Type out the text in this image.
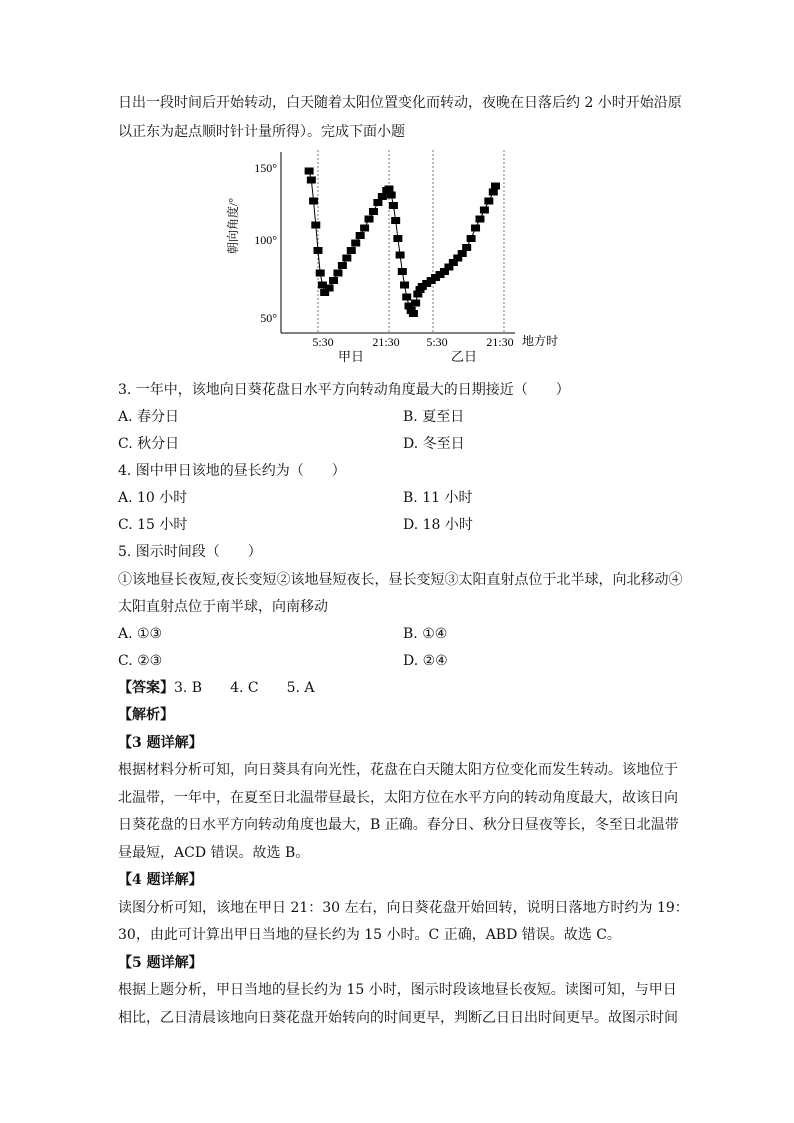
日出一段时间后开始转动，白天随着太阳位置变化而转动，夜晚在日落后约 2 小时开始沿原
以正东为起点顺时针计量所得）。完成下面小题
150°
100°
50°
朝向角度/°
5:30	21:30 5:30	21:30 地方时
甲日	乙日
3. 一年中，该地向日葵花盘日水平方向转动角度最大的日期接近（　　）
A. 春分日	B. 夏至日
C. 秋分日	D. 冬至日
4. 图中甲日该地的昼长约为（　　）
A. 10 小时	B. 11 小时
C. 15 小时	D. 18 小时
5. 图示时间段（　　）
①该地昼长夜短,夜长变短②该地昼短夜长，昼长变短③太阳直射点位于北半球，向北移动④
太阳直射点位于南半球，向南移动
A. ①③	B. ①④
C. ②③	D. ②④
【答案】3. B　　4. C　　5. A
【解析】
【3 题详解】
根据材料分析可知，向日葵具有向光性，花盘在白天随太阳方位变化而发生转动。该地位于
北温带，一年中，在夏至日北温带昼最长，太阳方位在水平方向的转动角度最大，故该日向
日葵花盘的日水平方向转动角度也最大，B 正确。春分日、秋分日昼夜等长，冬至日北温带
昼最短，ACD 错误。故选 B。
【4 题详解】
读图分析可知，该地在甲日 21：30 左右，向日葵花盘开始回转，说明日落地方时约为 19：
30，由此可计算出甲日当地的昼长约为 15 小时。C 正确，ABD 错误。故选 C。
【5 题详解】
根据上题分析，甲日当地的昼长约为 15 小时，图示时段该地昼长夜短。读图可知，与甲日
相比，乙日清晨该地向日葵花盘开始转向的时间更早，判断乙日日出时间更早。故图示时间
